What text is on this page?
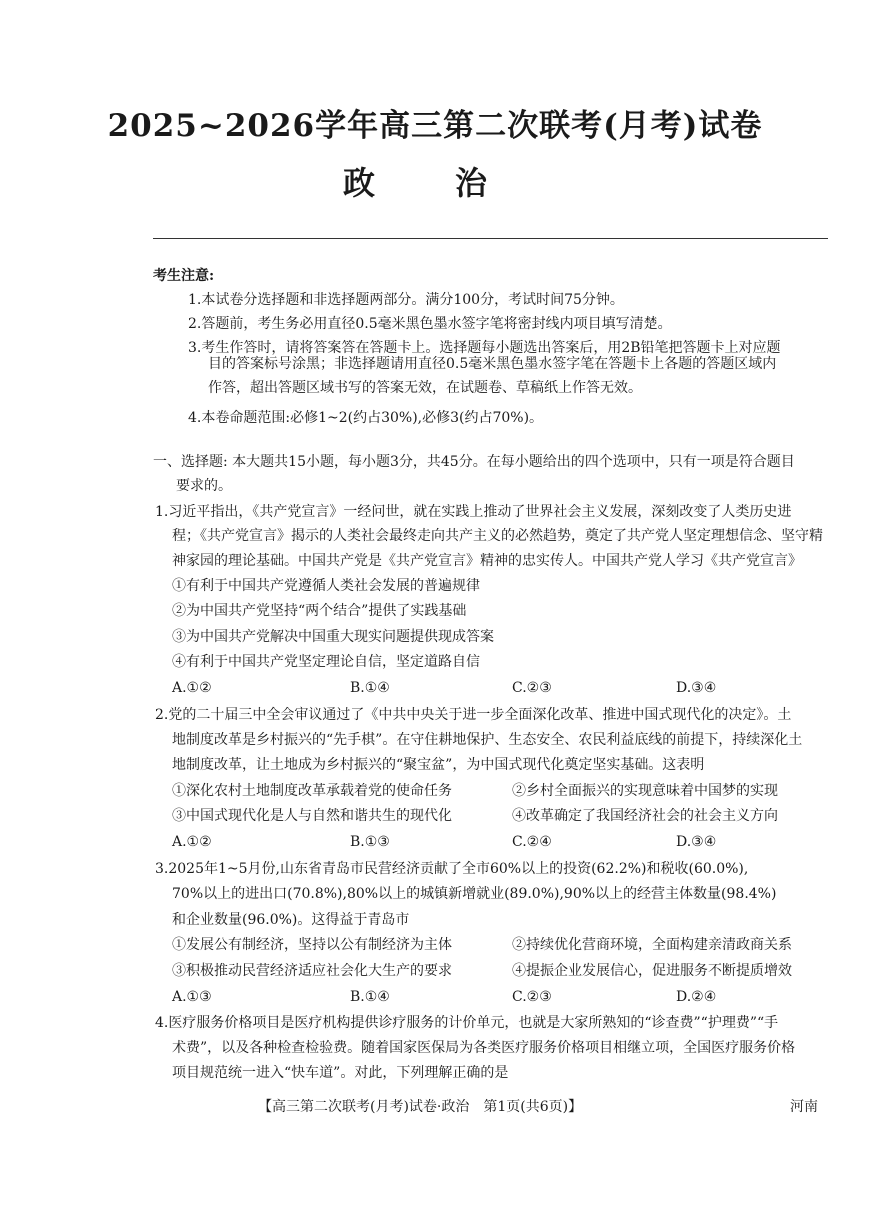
2025~2026学年高三第二次联考(月考)试卷
政治
考生注意:
1.本试卷分选择题和非选择题两部分。满分100分，考试时间75分钟。
2.答题前，考生务必用直径0.5毫米黑色墨水签字笔将密封线内项目填写清楚。
3.考生作答时，请将答案答在答题卡上。选择题每小题选出答案后，用2B铅笔把答题卡上对应题
目的答案标号涂黑；非选择题请用直径0.5毫米黑色墨水签字笔在答题卡上各题的答题区域内
作答，超出答题区域书写的答案无效，在试题卷、草稿纸上作答无效。
4.本卷命题范围:必修1~2(约占30%),必修3(约占70%)。
一、选择题: 本大题共15小题，每小题3分，共45分。在每小题给出的四个选项中，只有一项是符合题目
要求的。
1.习近平指出，《共产党宣言》一经问世，就在实践上推动了世界社会主义发展，深刻改变了人类历史进
程；《共产党宣言》揭示的人类社会最终走向共产主义的必然趋势，奠定了共产党人坚定理想信念、坚守精
神家园的理论基础。中国共产党是《共产党宣言》精神的忠实传人。中国共产党人学习《共产党宣言》
①有利于中国共产党遵循人类社会发展的普遍规律
②为中国共产党坚持“两个结合”提供了实践基础
③为中国共产党解决中国重大现实问题提供现成答案
④有利于中国共产党坚定理论自信，坚定道路自信
A.①②	B.①④	C.②③	D.③④
2.党的二十届三中全会审议通过了《中共中央关于进一步全面深化改革、推进中国式现代化的决定》。土
地制度改革是乡村振兴的“先手棋”。在守住耕地保护、生态安全、农民利益底线的前提下，持续深化土
地制度改革，让土地成为乡村振兴的“聚宝盆”，为中国式现代化奠定坚实基础。这表明
①深化农村土地制度改革承载着党的使命任务	②乡村全面振兴的实现意味着中国梦的实现
③中国式现代化是人与自然和谐共生的现代化	④改革确定了我国经济社会的社会主义方向
A.①②	B.①③	C.②④	D.③④
3.2025年1~5月份,山东省青岛市民营经济贡献了全市60%以上的投资(62.2%)和税收(60.0%),
70%以上的进出口(70.8%),80%以上的城镇新增就业(89.0%),90%以上的经营主体数量(98.4%)
和企业数量(96.0%)。这得益于青岛市
①发展公有制经济，坚持以公有制经济为主体	②持续优化营商环境，全面构建亲清政商关系
③积极推动民营经济适应社会化大生产的要求	④提振企业发展信心，促进服务不断提质增效
A.①③	B.①④	C.②③	D.②④
4.医疗服务价格项目是医疗机构提供诊疗服务的计价单元，也就是大家所熟知的“诊查费”“护理费”“手
术费”，以及各种检查检验费。随着国家医保局为各类医疗服务价格项目相继立项，全国医疗服务价格
项目规范统一进入“快车道”。对此，下列理解正确的是
【高三第二次联考(月考)试卷·政治　第1页(共6页)】	河南
